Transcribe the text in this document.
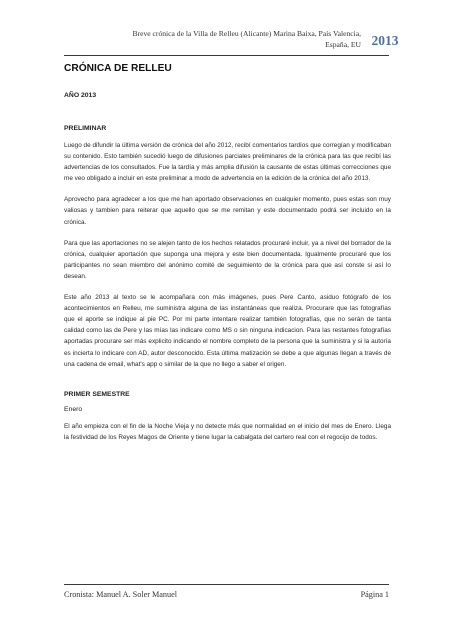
Breve crónica de la Villa de Relleu (Alicante) Marina Baixa, País Valencia,
España, EU 2013
CRÓNICA DE RELLEU
AÑO 2013
PRELIMINAR

Luego de difundir la última versión de crónica del año 2012, recibí comentarios tardíos que corregían y modificaban su contenido. Esto también sucedió luego de difusiones parciales preliminares de la crónica para las que recibí las advertencias de los consultados. Fue la tardía y más amplia difusión la causante de estas últimas correcciones que me veo obligado a incluir en este preliminar a modo de advertencia en la edición de la crónica del año 2013.

Aprovecho para agradecer a los que me han aportado observaciones en cualquier momento, pues estas son muy valiosas y tambien para reiterar que aquello que se me remitan y este documentado podrá ser incluido en la crónica.

Para que las aportaciones no se alejen tanto de los hechos relatados procuraré incluir, ya a nivel del borrador de la crónica, cualquier aportación que suponga una mejora y este bien documentada. Igualmente procuraré que los participantes no sean miembro del anónimo comité de seguimiento de la crónica para que así conste si así lo desean.

Este año 2013 al texto se le acompañara con más imágenes, pues Pere Canto, asiduo fotógrafo de los acontecimientos en Relleu, me suministra alguna de las instantáneas que realiza. Procurare que las fotografías que el aporte se indique al pie PC. Por mi parte intentare realizar también fotografías, que no serán de tanta calidad como las de Pere y las mías las indicare como MS o sin ninguna indicacion. Para las restantes fotografías aportadas procurare ser más explicito indicando el nombre completo de la persona que la suministra y si la autoría es incierta lo indicare con AD, autor desconocido. Esta última matización se debe a que algunas llegan a través de una cadena de email, what's app o similar de la que no llego a saber el origen.

PRIMER SEMESTRE
Enero

El año empieza con el fin de la Noche Vieja y no detecte más que normalidad en el inicio del mes de Enero. Llega la festividad de los Reyes Magos de Oriente y tiene lugar la cabalgata del cartero real con el regocijo de todos.

Cronista: Manuel A. Soler Manuel	Página 1
